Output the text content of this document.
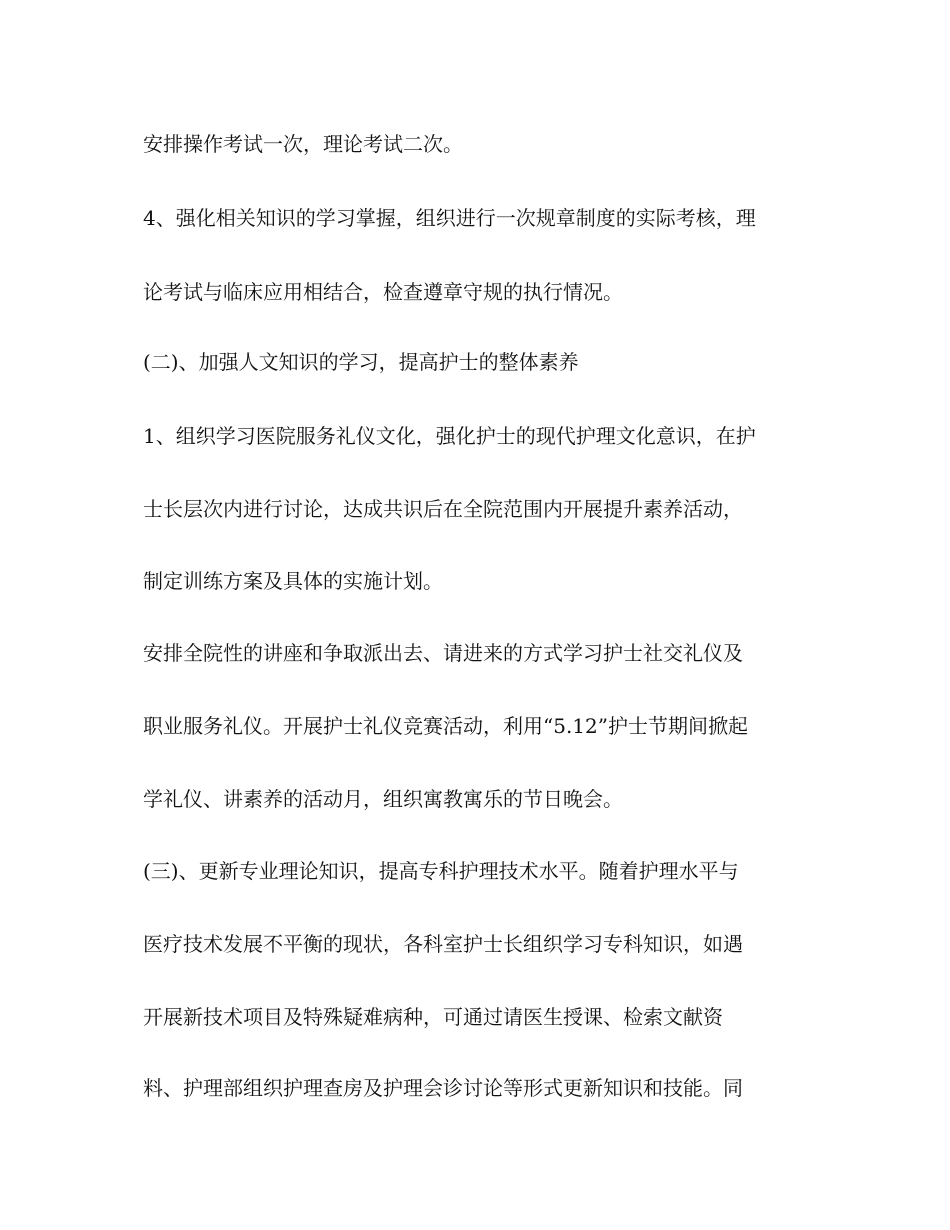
安排操作考试一次，理论考试二次。

4、强化相关知识的学习掌握，组织进行一次规章制度的实际考核，理

论考试与临床应用相结合，检查遵章守规的执行情况。

(二)、加强人文知识的学习，提高护士的整体素养

1、组织学习医院服务礼仪文化，强化护士的现代护理文化意识，在护

士长层次内进行讨论，达成共识后在全院范围内开展提升素养活动，

制定训练方案及具体的实施计划。

安排全院性的讲座和争取派出去、请进来的方式学习护士社交礼仪及

职业服务礼仪。开展护士礼仪竞赛活动，利用“5.12”护士节期间掀起

学礼仪、讲素养的活动月，组织寓教寓乐的节日晚会。

(三)、更新专业理论知识，提高专科护理技术水平。随着护理水平与

医疗技术发展不平衡的现状，各科室护士长组织学习专科知识，如遇

开展新技术项目及特殊疑难病种，可通过请医生授课、检索文献资

料、护理部组织护理查房及护理会诊讨论等形式更新知识和技能。同
